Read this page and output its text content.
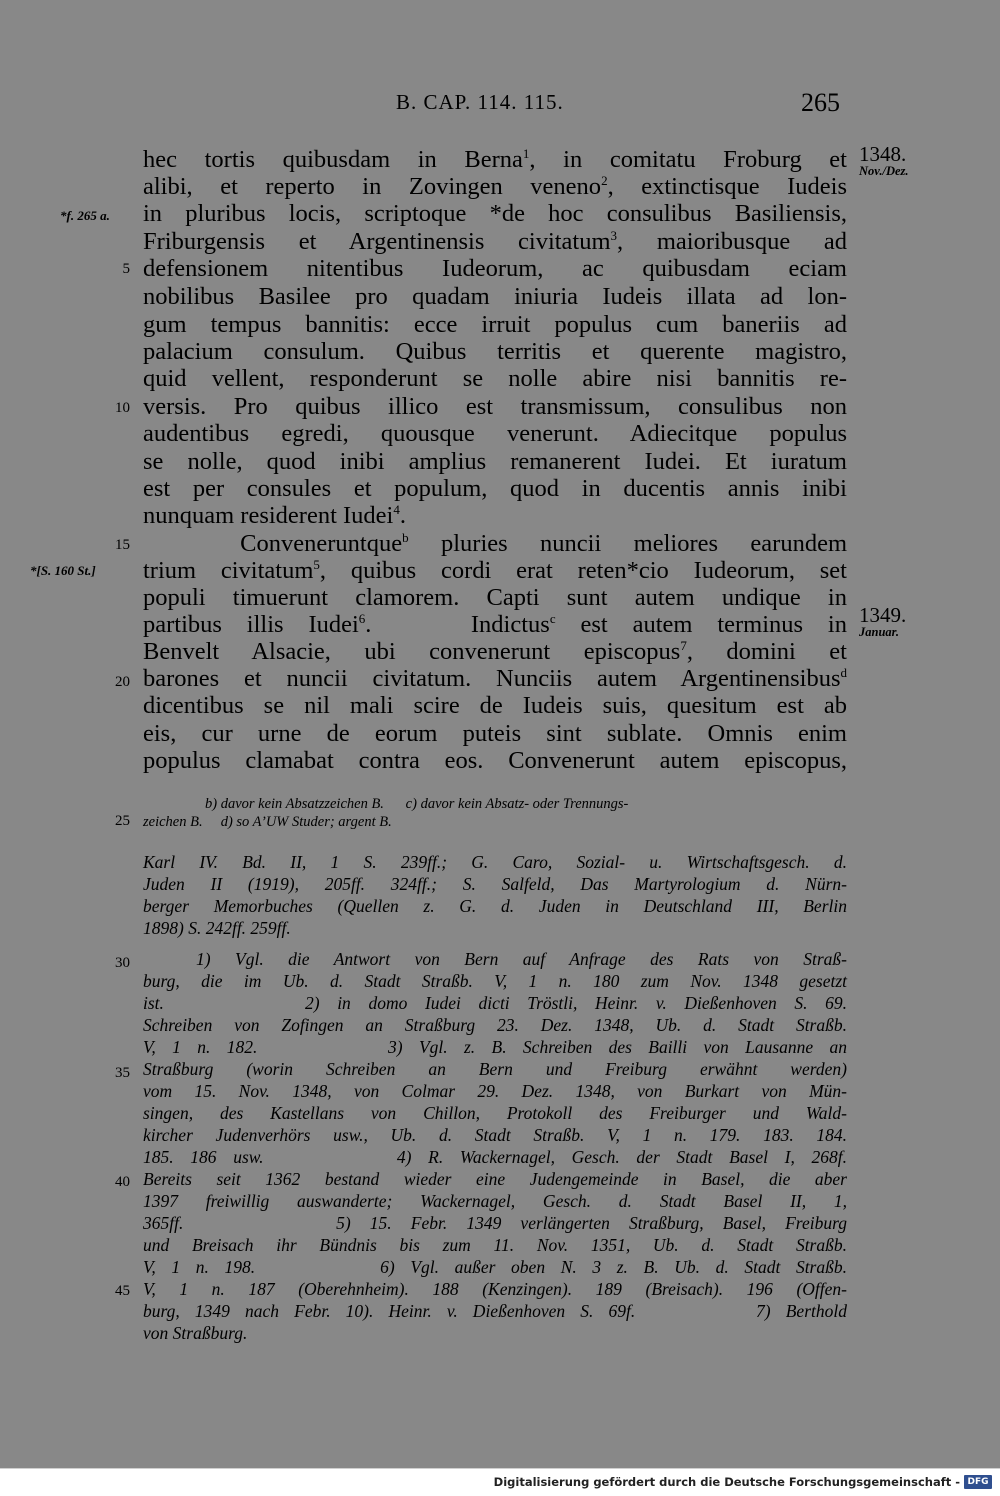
B. CAP. 114. 115.	265
*f. 265 a.
*[S. 160 St.]
1348.
Nov./Dez.
1349.
Januar.
5
10
15
20
25
30
35
40
45
hec tortis quibusdam in Berna$^1$, in comitatu Froburg et
alibi, et reperto in Zovingen veneno$^2$, extinctisque Iudeis
in pluribus locis, scriptoque *de hoc consulibus Basiliensis,
Friburgensis et Argentinensis civitatum$^3$, maioribusque ad
defensionem nitentibus Iudeorum, ac quibusdam eciam
nobilibus Basilee pro quadam iniuria Iudeis illata ad lon-
gum tempus bannitis: ecce irruit populus cum baneriis ad
palacium consulum. Quibus territis et querente magistro,
quid vellent, responderunt se nolle abire nisi bannitis re-
versis. Pro quibus illico est transmissum, consulibus non
audentibus egredi, quousque venerunt. Adiecitque populus
se nolle, quod inibi amplius remanerent Iudei. Et iuratum
est per consules et populum, quod in ducentis annis inibi
nunquam residerent Iudei$^4$.
Conveneruntque$^b$ pluries nuncii meliores earundem
trium civitatum$^5$, quibus cordi erat reten*cio Iudeorum, set
populi timuerunt clamorem. Capti sunt autem undique in
partibus illis Iudei$^6$.    Indictus$^c$ est autem terminus in
Benvelt Alsacie, ubi convenerunt episcopus$^7$, domini et
barones et nuncii civitatum. Nunciis autem Argentinensibus$^d$
dicentibus se nil mali scire de Iudeis suis, quesitum est ab
eis, cur urne de eorum puteis sint sublate. Omnis enim
populus clamabat contra eos. Convenerunt autem episcopus,
b) davor kein Absatzzeichen B.      c) davor kein Absatz- oder Trennungs-
zeichen B.     d) so A’UW Studer; argent B.
Karl IV. Bd. II, 1 S. 239ff.; G. Caro, Sozial- u. Wirtschaftsgesch. d.
Juden II (1919), 205ff. 324ff.; S. Salfeld, Das Martyrologium d. Nürn-
berger Memorbuches (Quellen z. G. d. Juden in Deutschland III, Berlin
1898) S. 242ff. 259ff.
1) Vgl. die Antwort von Bern auf Anfrage des Rats von Straß-
burg, die im Ub. d. Stadt Straßb. V, 1 n. 180 zum Nov. 1348 gesetzt
ist.        2) in domo Iudei dicti Tröstli, Heinr. v. Dießenhoven S. 69.
Schreiben von Zofingen an Straßburg 23. Dez. 1348, Ub. d. Stadt Straßb.
V, 1 n. 182.        3) Vgl. z. B. Schreiben des Bailli von Lausanne an
Straßburg (worin Schreiben an Bern und Freiburg erwähnt werden)
vom 15. Nov. 1348, von Colmar 29. Dez. 1348, von Burkart von Mün-
singen, des Kastellans von Chillon, Protokoll des Freiburger und Wald-
kircher Judenverhörs usw., Ub. d. Stadt Straßb. V, 1 n. 179. 183. 184.
185. 186 usw.        4) R. Wackernagel, Gesch. der Stadt Basel I, 268f.
Bereits seit 1362 bestand wieder eine Judengemeinde in Basel, die aber
1397 freiwillig auswanderte; Wackernagel, Gesch. d. Stadt Basel II, 1,
365ff.        5) 15. Febr. 1349 verlängerten Straßburg, Basel, Freiburg
und Breisach ihr Bündnis bis zum 11. Nov. 1351, Ub. d. Stadt Straßb.
V, 1 n. 198.        6) Vgl. außer oben N. 3 z. B. Ub. d. Stadt Straßb.
V, 1 n. 187 (Oberehnheim). 188 (Kenzingen). 189 (Breisach). 196 (Offen-
burg, 1349 nach Febr. 10). Heinr. v. Dießenhoven S. 69f.        7) Berthold
von Straßburg.
Digitalisierung gefördert durch die Deutsche Forschungsgemeinschaft - DFG
